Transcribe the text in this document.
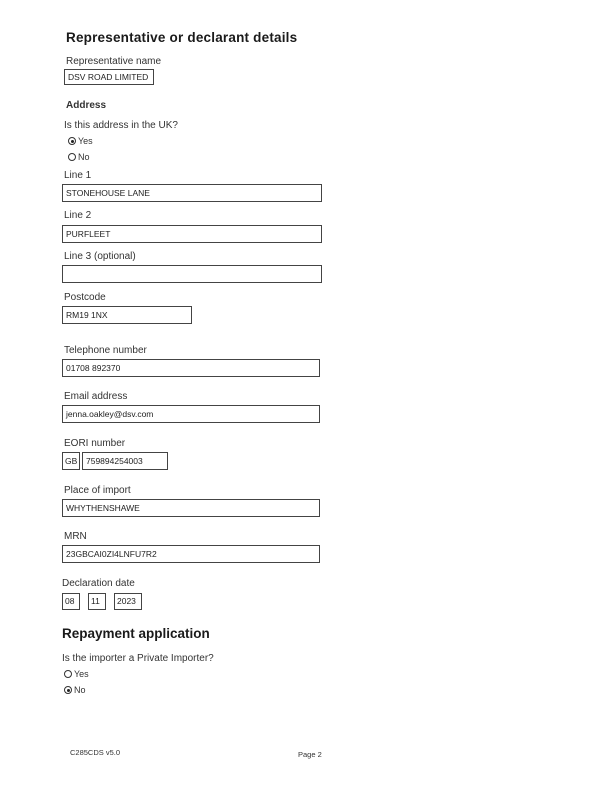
Representative or declarant details
Representative name
DSV ROAD LIMITED
Address
Is this address in the UK?
Yes
No
Line 1
STONEHOUSE LANE
Line 2
PURFLEET
Line 3 (optional)
Postcode
RM19 1NX
Telephone number
01708 892370
Email address
jenna.oakley@dsv.com
EORI number
GB	759894254003
Place of import
WHYTHENSHAWE
MRN
23GBCAI0ZI4LNFU7R2
Declaration date
08	11	2023
Repayment application
Is the importer a Private Importer?
Yes
No
C285CDS v5.0	Page 2
